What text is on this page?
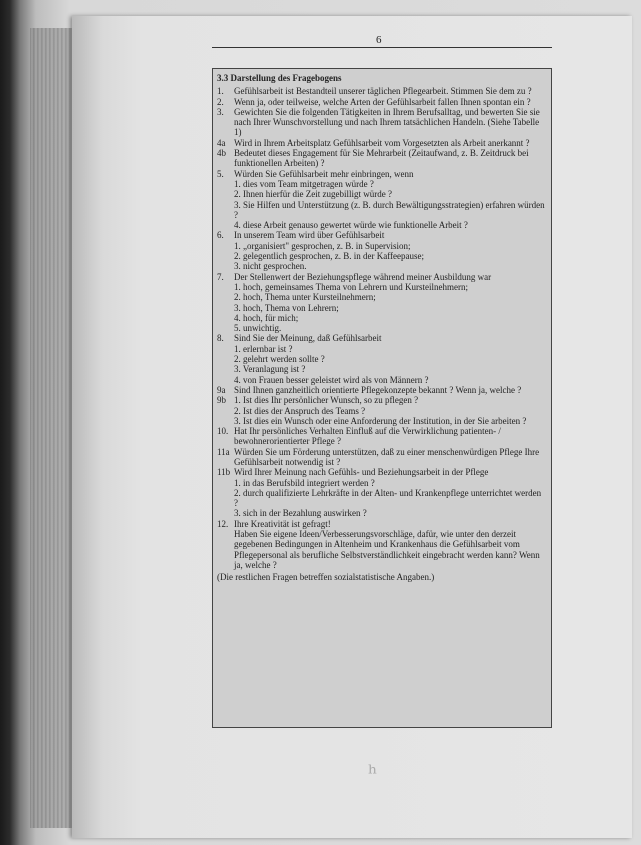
6
3.3 Darstellung des Fragebogens
1.	Gefühlsarbeit ist Bestandteil unserer täglichen Pflegearbeit. Stimmen Sie dem zu ?
2.	Wenn ja, oder teilweise, welche Arten der Gefühlsarbeit fallen Ihnen spontan ein ?
3.	Gewichten Sie die folgenden Tätigkeiten in Ihrem Berufsalltag, und bewerten Sie sie nach Ihrer Wunschvorstellung und nach Ihrem tatsächlichen Handeln. (Siehe Tabelle 1)
4a Wird in Ihrem Arbeitsplatz Gefühlsarbeit vom Vorgesetzten als Arbeit anerkannt ?
4b Bedeutet dieses Engagement für Sie Mehrarbeit (Zeitaufwand, z. B. Zeitdruck bei funktionellen Arbeiten) ?
5.	Würden Sie Gefühlsarbeit mehr einbringen, wenn
1. dies vom Team mitgetragen würde ?
2. Ihnen hierfür die Zeit zugebilligt würde ?
3. Sie Hilfen und Unterstützung (z. B. durch Bewältigungsstrategien) erfahren würden ?
4. diese Arbeit genauso gewertet würde wie funktionelle Arbeit ?
6.	In unserem Team wird über Gefühlsarbeit
1. „organisiert" gesprochen, z. B. in Supervision;
2. gelegentlich gesprochen, z. B. in der Kaffeepause;
3. nicht gesprochen.
7.	Der Stellenwert der Beziehungspflege während meiner Ausbildung war
1. hoch, gemeinsames Thema von Lehrern und Kursteilnehmern;
2. hoch, Thema unter Kursteilnehmern;
3. hoch, Thema von Lehrern;
4. hoch, für mich;
5. unwichtig.
8.	Sind Sie der Meinung, daß Gefühlsarbeit
1. erlernbar ist ?
2. gelehrt werden sollte ?
3. Veranlagung ist ?
4. von Frauen besser geleistet wird als von Männern ?
9a Sind Ihnen ganzheitlich orientierte Pflegekonzepte bekannt ? Wenn ja, welche ?
9b 1. Ist dies Ihr persönlicher Wunsch, so zu pflegen ?
2. Ist dies der Anspruch des Teams ?
3. Ist dies ein Wunsch oder eine Anforderung der Institution, in der Sie arbeiten ?
10. Hat Ihr persönliches Verhalten Einfluß auf die Verwirklichung patienten- / bewohnerorientierter Pflege ?
11a Würden Sie um Förderung unterstützen, daß zu einer menschenwürdigen Pflege Ihre Gefühlsarbeit notwendig ist ?
11b Wird Ihrer Meinung nach Gefühls- und Beziehungsarbeit in der Pflege
1. in das Berufsbild integriert werden ?
2. durch qualifizierte Lehrkräfte in der Alten- und Krankenpflege unterrichtet werden ?
3. sich in der Bezahlung auswirken ?
12. Ihre Kreativität ist gefragt!
Haben Sie eigene Ideen/Verbesserungsvorschläge, dafür, wie unter den derzeit gegebenen Bedingungen in Altenheim und Krankenhaus die Gefühlsarbeit vom Pflegepersonal als berufliche Selbstverständlichkeit eingebracht werden kann? Wenn ja, welche ?
(Die restlichen Fragen betreffen sozialstatistische Angaben.)
ʰ
